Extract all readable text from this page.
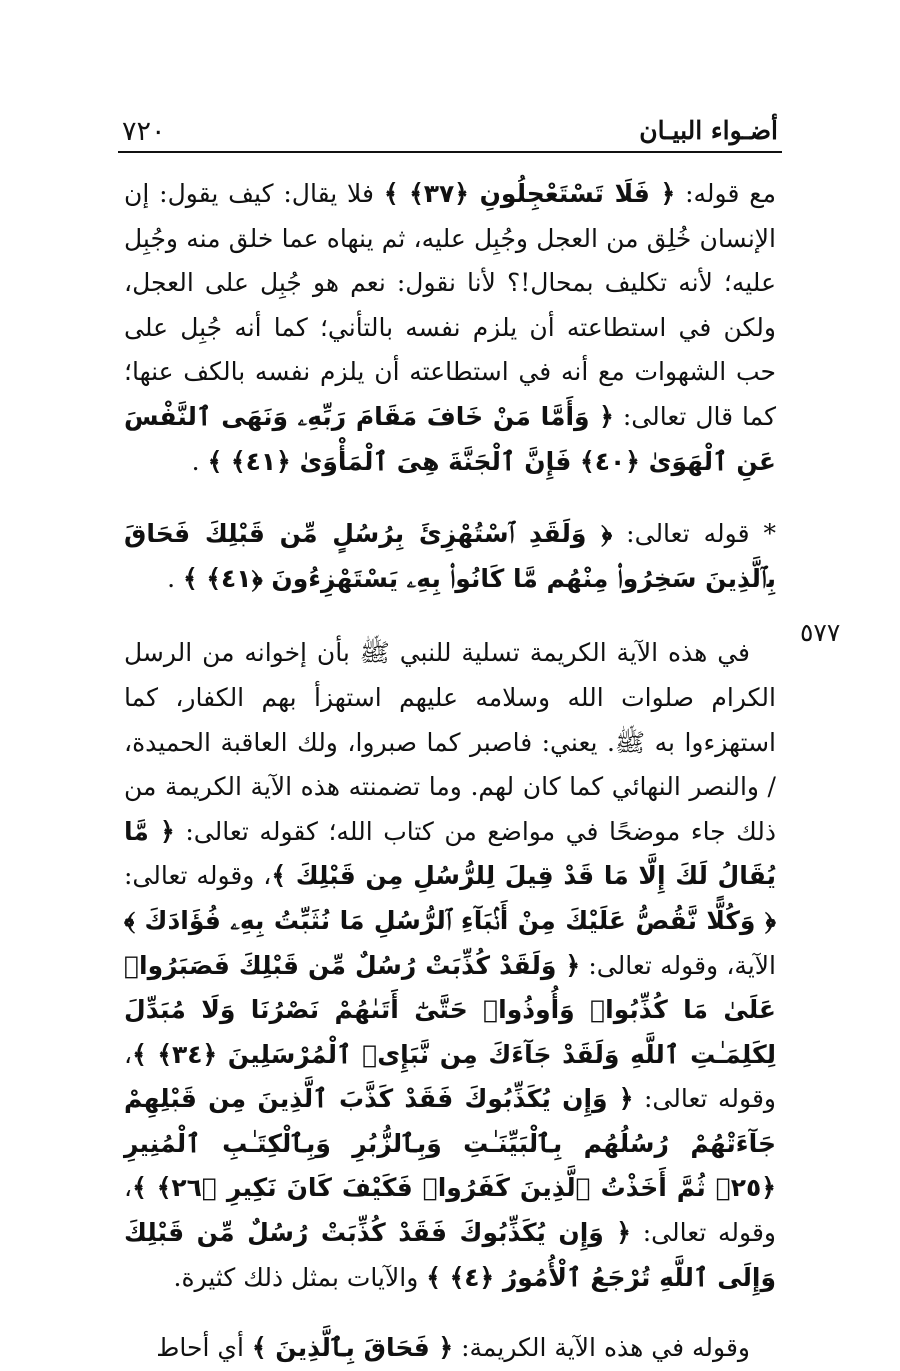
٧٢٠	أضـواء البيـان

مع قوله: ﴿ فَلَا تَسْتَعْجِلُونِ ﴿٣٧﴾ ﴾ فلا يقال: كيف يقول: إن الإنسان خُلِق من العجل وجُبِل عليه، ثم ينهاه عما خلق منه وجُبِل عليه؛ لأنه تكليف بمحال!؟ لأنا نقول: نعم هو جُبِل على العجل، ولكن في استطاعته أن يلزم نفسه بالتأني؛ كما أنه جُبِل على حب الشهوات مع أنه في استطاعته أن يلزم نفسه بالكف عنها؛ كما قال تعالى: ﴿ وَأَمَّا مَنْ خَافَ مَقَامَ رَبِّهِۦ وَنَهَى ٱلنَّفْسَ عَنِ ٱلْهَوَىٰ ﴿٤٠﴾ فَإِنَّ ٱلْجَنَّةَ هِىَ ٱلْمَأْوَىٰ ﴿٤١﴾ ﴾ .

* قوله تعالى: ﴿ وَلَقَدِ ٱسْتُهْزِئَ بِرُسُلٍ مِّن قَبْلِكَ فَحَاقَ بِٱلَّذِينَ سَخِرُوا۟ مِنْهُم مَّا كَانُوا۟ بِهِۦ يَسْتَهْزِءُونَ ﴿٤١﴾ ﴾ .

في هذه الآية الكريمة تسلية للنبي ﷺ بأن إخوانه من الرسل الكرام صلوات الله وسلامه عليهم استهزأ بهم الكفار، كما استهزءوا به ﷺ. يعني: فاصبر كما صبروا، ولك العاقبة الحميدة، / والنصر النهائي كما كان لهم. وما تضمنته هذه الآية الكريمة من ذلك جاء موضحًا في مواضع من كتاب الله؛ كقوله تعالى: ﴿ مَّا يُقَالُ لَكَ إِلَّا مَا قَدْ قِيلَ لِلرُّسُلِ مِن قَبْلِكَ ﴾، وقوله تعالى: ﴿ وَكُلًّا نَّقُصُّ عَلَيْكَ مِنْ أَنۢبَآءِ ٱلرُّسُلِ مَا نُثَبِّتُ بِهِۦ فُؤَادَكَ ﴾ الآية، وقوله تعالى: ﴿ وَلَقَدْ كُذِّبَتْ رُسُلٌ مِّن قَبْلِكَ فَصَبَرُوا۟ عَلَىٰ مَا كُذِّبُوا۟ وَأُوذُوا۟ حَتَّىٰٓ أَتَىٰهُمْ نَصْرُنَا وَلَا مُبَدِّلَ لِكَلِمَـٰتِ ٱللَّهِ وَلَقَدْ جَآءَكَ مِن نَّبَإِى۟ ٱلْمُرْسَلِينَ ﴿٣٤﴾ ﴾، وقوله تعالى: ﴿ وَإِن يُكَذِّبُوكَ فَقَدْ كَذَّبَ ٱلَّذِينَ مِن قَبْلِهِمْ جَآءَتْهُمْ رُسُلُهُم بِٱلْبَيِّنَـٰتِ وَبِٱلزُّبُرِ وَبِٱلْكِتَـٰبِ ٱلْمُنِيرِ ﴿٢٥﴾ ثُمَّ أَخَذْتُ ٱلَّذِينَ كَفَرُوا۟ فَكَيْفَ كَانَ نَكِيرِ ﴿٢٦﴾ ﴾، وقوله تعالى: ﴿ وَإِن يُكَذِّبُوكَ فَقَدْ كُذِّبَتْ رُسُلٌ مِّن قَبْلِكَ وَإِلَى ٱللَّهِ تُرْجَعُ ٱلْأُمُورُ ﴿٤﴾ ﴾ والآيات بمثل ذلك كثيرة.

وقوله في هذه الآية الكريمة: ﴿ فَحَاقَ بِٱلَّذِينَ ﴾ أي أحاط

٥٧٧
